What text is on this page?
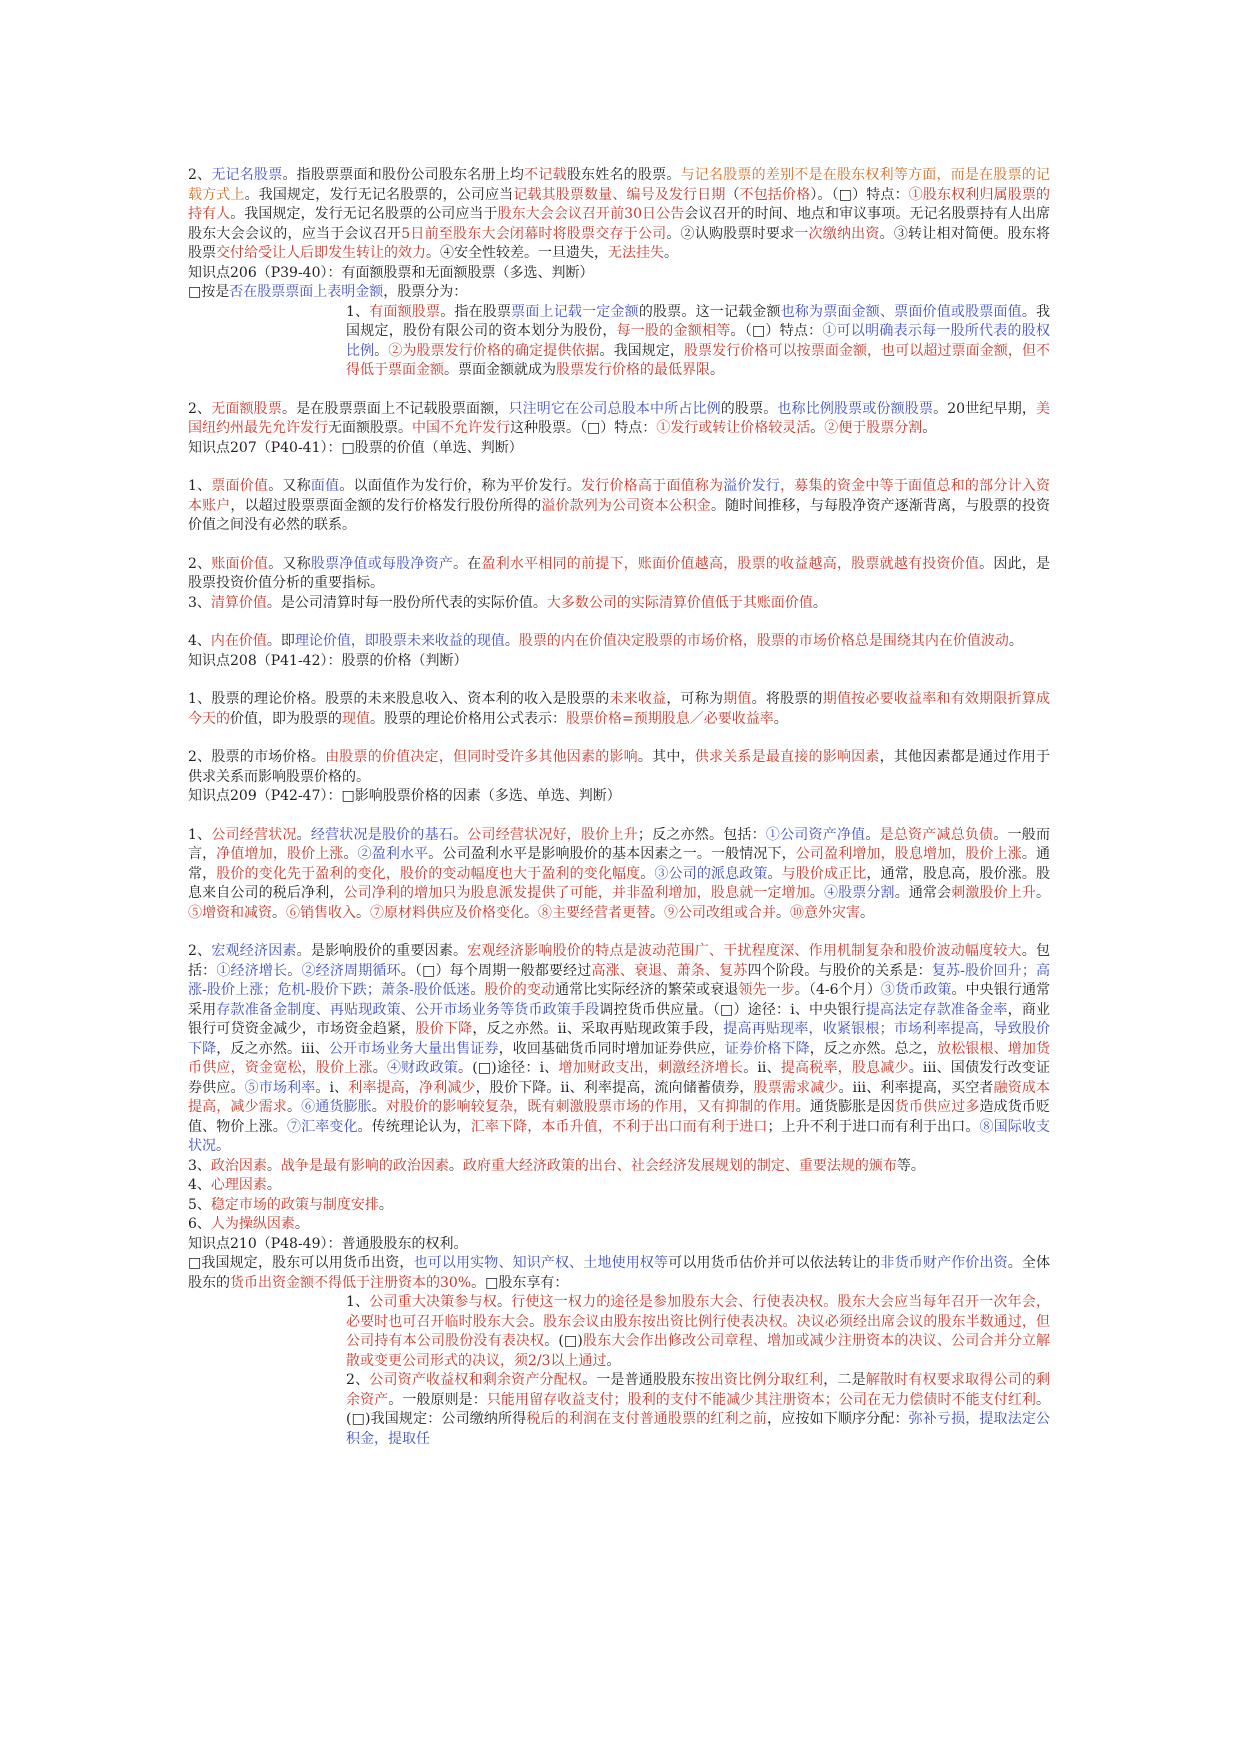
2、无记名股票。指股票票面和股份公司股东名册上均不记载股东姓名的股票。与记名股票的差别不是在股东权利等方面，而是在股票的记载方式上。我国规定，发行无记名股票的，公司应当记载其股票数量、编号及发行日期（不包括价格）。（□）特点：①股东权利归属股票的持有人。我国规定，发行无记名股票的公司应当于股东大会会议召开前30日公告会议召开的时间、地点和审议事项。无记名股票持有人出席股东大会会议的，应当于会议召开5日前至股东大会闭幕时将股票交存于公司。②认购股票时要求一次缴纳出资。③转让相对简便。股东将股票交付给受让人后即发生转让的效力。④安全性较差。一旦遗失，无法挂失。

知识点206（P39-40）：有面额股票和无面额股票（多选、判断）

□按是否在股票票面上表明金额，股票分为：

1、有面额股票。指在股票票面上记载一定金额的股票。这一记载金额也称为票面金额、票面价值或股票面值。我国规定，股份有限公司的资本划分为股份，每一股的金额相等。（□）特点：①可以明确表示每一股所代表的股权比例。②为股票发行价格的确定提供依据。我国规定，股票发行价格可以按票面金额，也可以超过票面金额，但不得低于票面金额。票面金额就成为股票发行价格的最低界限。

2、无面额股票。是在股票票面上不记载股票面额，只注明它在公司总股本中所占比例的股票。也称比例股票或份额股票。20世纪早期，美国纽约州最先允许发行无面额股票。中国不允许发行这种股票。（□）特点：①发行或转让价格较灵活。②便于股票分割。

知识点207（P40-41）：□股票的价值（单选、判断）

1、票面价值。又称面值。以面值作为发行价，称为平价发行。发行价格高于面值称为溢价发行，募集的资金中等于面值总和的部分计入资本账户，以超过股票票面金额的发行价格发行股份所得的溢价款列为公司资本公积金。随时间推移，与每股净资产逐渐背离，与股票的投资价值之间没有必然的联系。

2、账面价值。又称股票净值或每股净资产。在盈利水平相同的前提下，账面价值越高，股票的收益越高，股票就越有投资价值。因此，是股票投资价值分析的重要指标。

3、清算价值。是公司清算时每一股份所代表的实际价值。大多数公司的实际清算价值低于其账面价值。

4、内在价值。即理论价值，即股票未来收益的现值。股票的内在价值决定股票的市场价格，股票的市场价格总是围绕其内在价值波动。

知识点208（P41-42）：股票的价格（判断）

1、股票的理论价格。股票的未来股息收入、资本利的收入是股票的未来收益，可称为期值。将股票的期值按必要收益率和有效期限折算成今天的价值，即为股票的现值。股票的理论价格用公式表示：股票价格=预期股息／必要收益率。

2、股票的市场价格。由股票的价值决定，但同时受许多其他因素的影响。其中，供求关系是最直接的影响因素，其他因素都是通过作用于供求关系而影响股票价格的。

知识点209（P42-47）：□影响股票价格的因素（多选、单选、判断）

1、公司经营状况。经营状况是股价的基石。公司经营状况好，股价上升；反之亦然。包括：①公司资产净值。是总资产减总负债。一般而言，净值增加，股价上涨。②盈利水平。公司盈利水平是影响股价的基本因素之一。一般情况下，公司盈利增加，股息增加，股价上涨。通常，股价的变化先于盈利的变化，股价的变动幅度也大于盈利的变化幅度。③公司的派息政策。与股价成正比，通常，股息高，股价涨。股息来自公司的税后净利，公司净利的增加只为股息派发提供了可能，并非盈利增加，股息就一定增加。④股票分割。通常会刺激股价上升。⑤增资和减资。⑥销售收入。⑦原材料供应及价格变化。⑧主要经营者更替。⑨公司改组或合并。⑩意外灾害。

2、宏观经济因素。是影响股价的重要因素。宏观经济影响股价的特点是波动范围广、干扰程度深、作用机制复杂和股价波动幅度较大。包括：①经济增长。②经济周期循环。（□）每个周期一般都要经过高涨、衰退、萧条、复苏四个阶段。与股价的关系是：复苏-股价回升；高涨-股价上涨；危机-股价下跌；萧条-股价低迷。股价的变动通常比实际经济的繁荣或衰退领先一步。（4-6个月）③货币政策。中央银行通常采用存款准备金制度、再贴现政策、公开市场业务等货币政策手段调控货币供应量。（□）途径：ⅰ、中央银行提高法定存款准备金率，商业银行可贷资金减少，市场资金趋紧，股价下降，反之亦然。ⅱ、采取再贴现政策手段，提高再贴现率，收紧银根；市场利率提高，导致股价下降，反之亦然。ⅲ、公开市场业务大量出售证券，收回基础货币同时增加证券供应，证券价格下降，反之亦然。总之，放松银根、增加货币供应，资金宽松，股价上涨。④财政政策。(□)途径：ⅰ、增加财政支出，刺激经济增长。ⅱ、提高税率，股息减少。ⅲ、国债发行改变证券供应。⑤市场利率。ⅰ、利率提高，净利减少，股价下降。ⅱ、利率提高，流向储蓄债券，股票需求减少。ⅲ、利率提高，买空者融资成本提高，减少需求。⑥通货膨胀。对股价的影响较复杂，既有刺激股票市场的作用，又有抑制的作用。通货膨胀是因货币供应过多造成货币贬值、物价上涨。⑦汇率变化。传统理论认为，汇率下降，本币升值，不利于出口而有利于进口；上升不利于进口而有利于出口。⑧国际收支状况。

3、政治因素。战争是最有影响的政治因素。政府重大经济政策的出台、社会经济发展规划的制定、重要法规的颁布等。

4、心理因素。

5、稳定市场的政策与制度安排。

6、人为操纵因素。

知识点210（P48-49）：普通股股东的权利。

□我国规定，股东可以用货币出资，也可以用实物、知识产权、土地使用权等可以用货币估价并可以依法转让的非货币财产作价出资。全体股东的货币出资金额不得低于注册资本的30%。□股东享有：

1、公司重大决策参与权。行使这一权力的途径是参加股东大会、行使表决权。股东大会应当每年召开一次年会，必要时也可召开临时股东大会。股东会议由股东按出资比例行使表决权。决议必须经出席会议的股东半数通过，但公司持有本公司股份没有表决权。(□)股东大会作出修改公司章程、增加或减少注册资本的决议、公司合并分立解散或变更公司形式的决议，须2/3以上通过。

2、公司资产收益权和剩余资产分配权。一是普通股股东按出资比例分取红利，二是解散时有权要求取得公司的剩余资产。一般原则是：只能用留存收益支付；股利的支付不能减少其注册资本；公司在无力偿债时不能支付红利。(□)我国规定：公司缴纳所得税后的利润在支付普通股票的红利之前，应按如下顺序分配：弥补亏损，提取法定公积金，提取任
